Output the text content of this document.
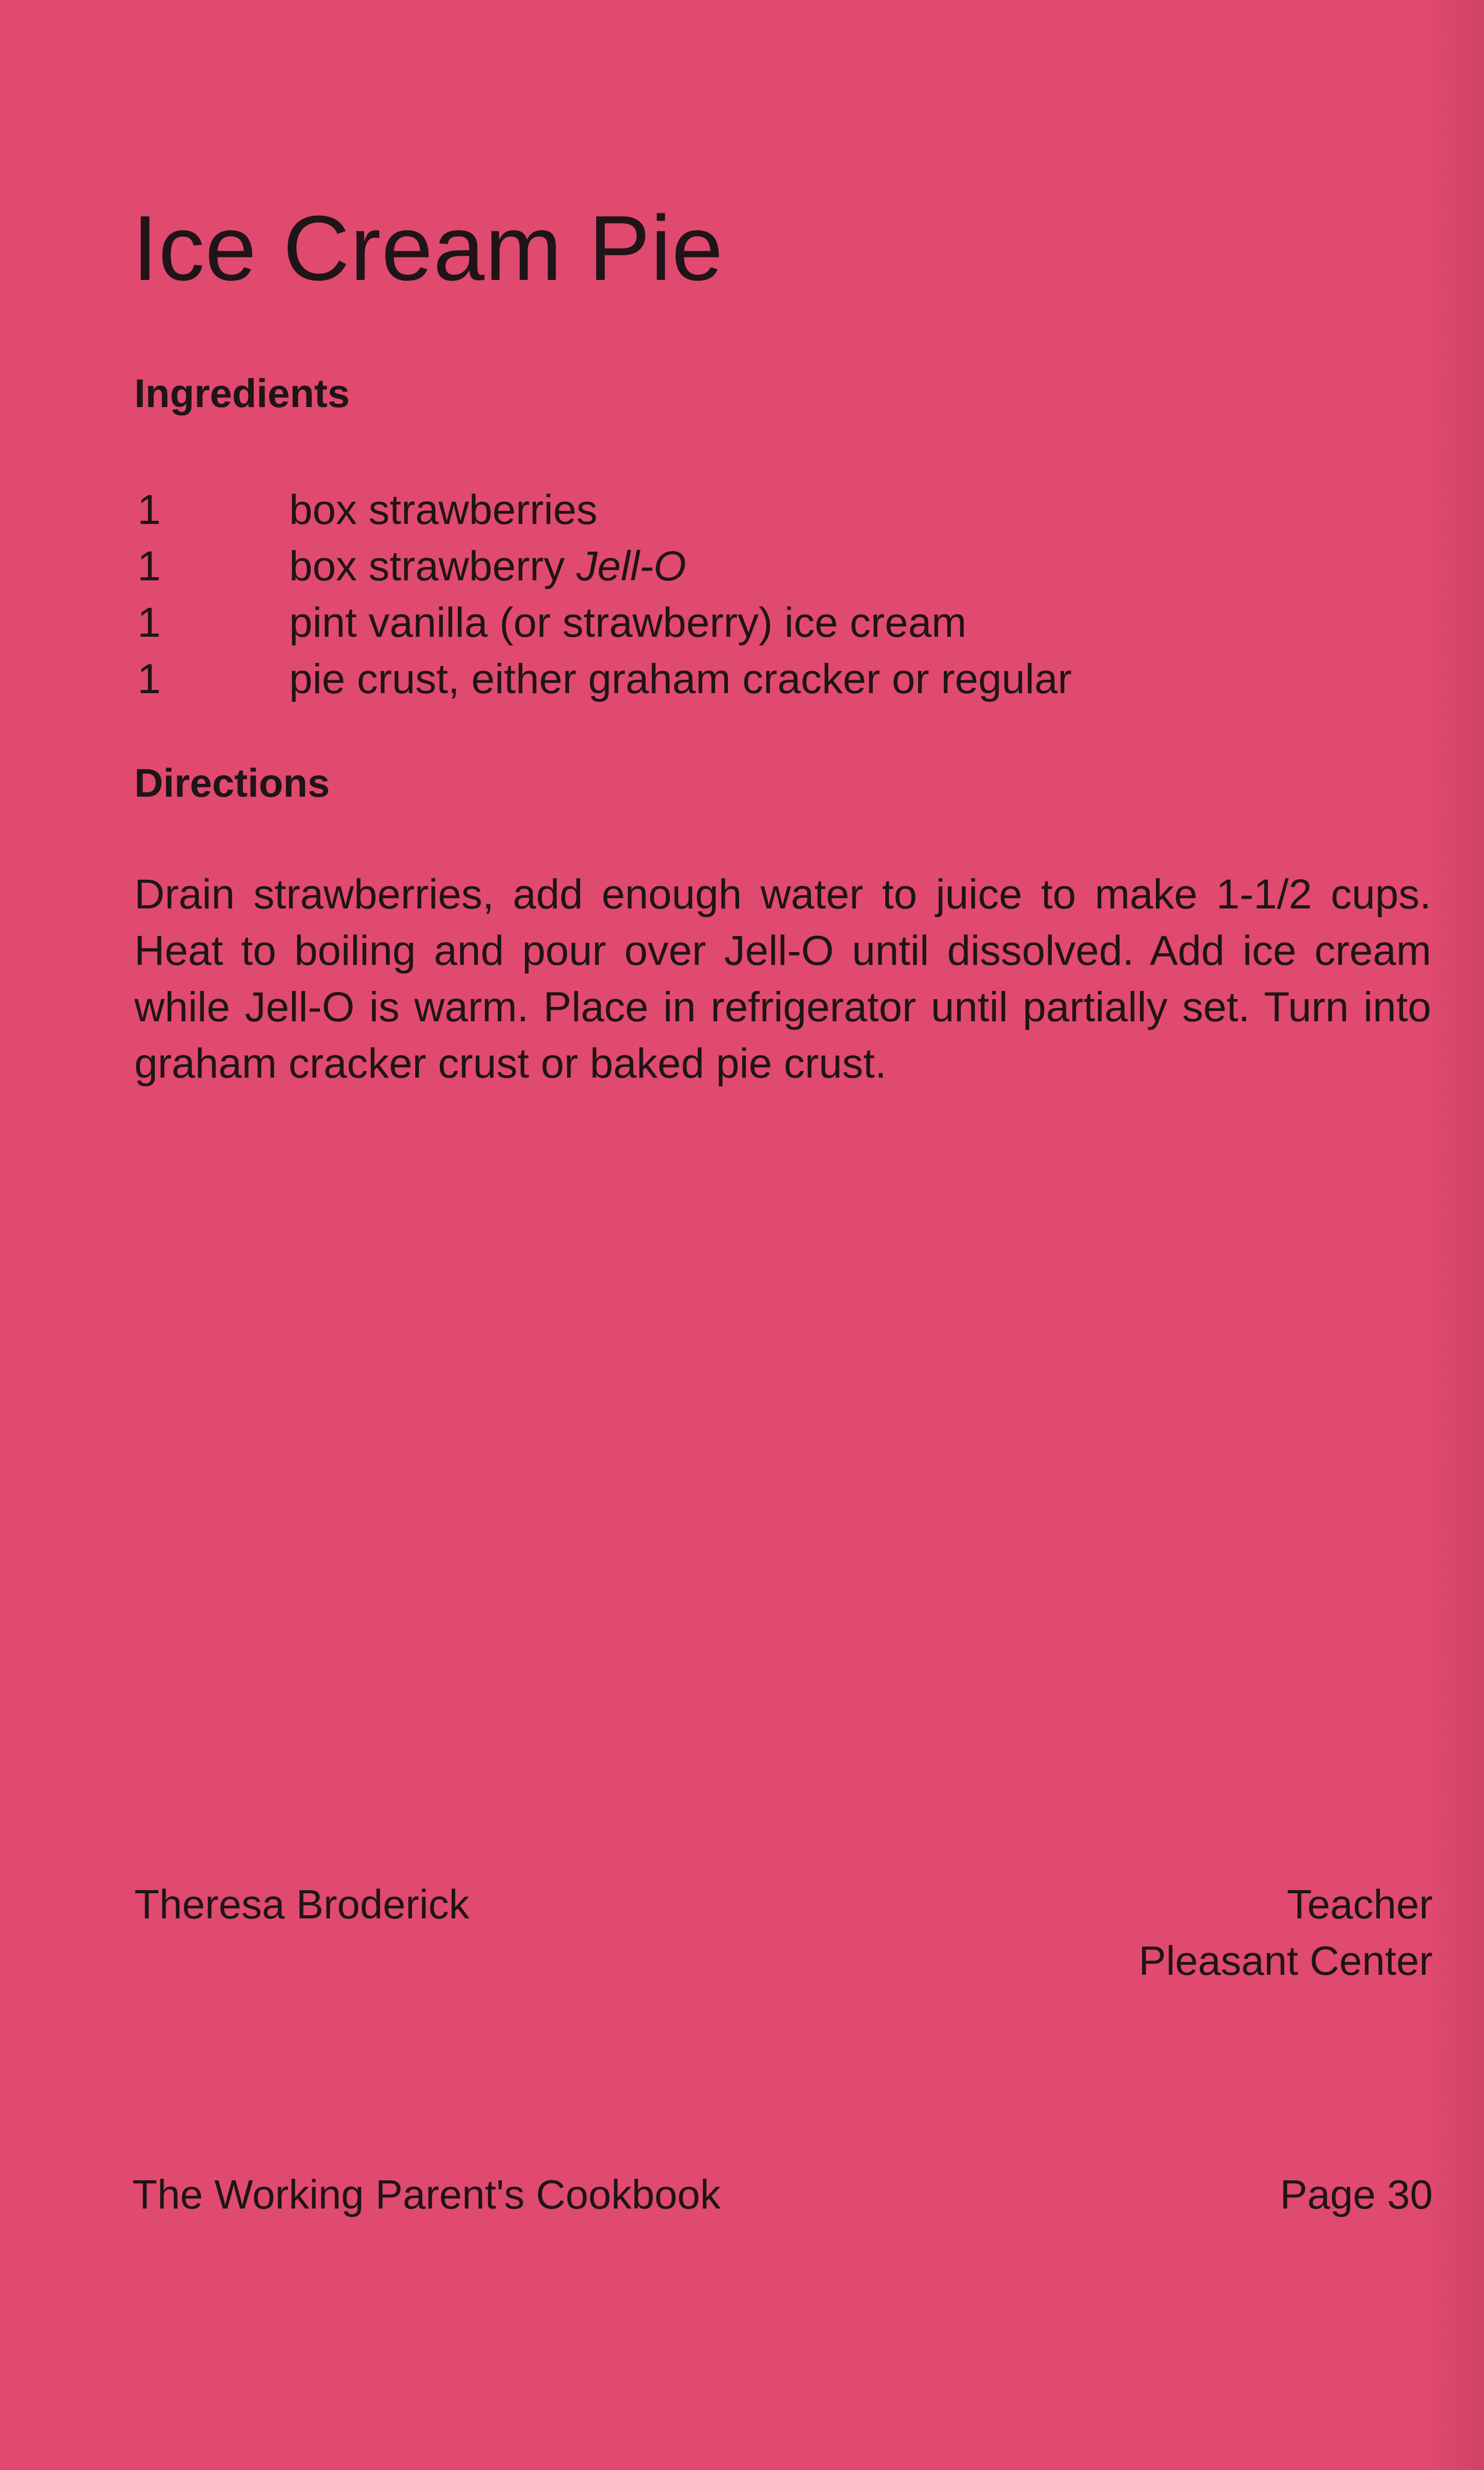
Ice Cream Pie
Ingredients
1	box strawberries
1	box strawberry Jell-O
1	pint vanilla (or strawberry) ice cream
1	pie crust, either graham cracker or regular
Directions

Drain strawberries, add enough water to juice to make 1-1/2 cups. Heat to boiling and pour over Jell-O until dissolved. Add ice cream while Jell-O is warm. Place in refrigerator until partially set. Turn into graham cracker crust or baked pie crust.

Theresa Broderick	Teacher
Pleasant Center
The Working Parent's Cookbook	Page 30
